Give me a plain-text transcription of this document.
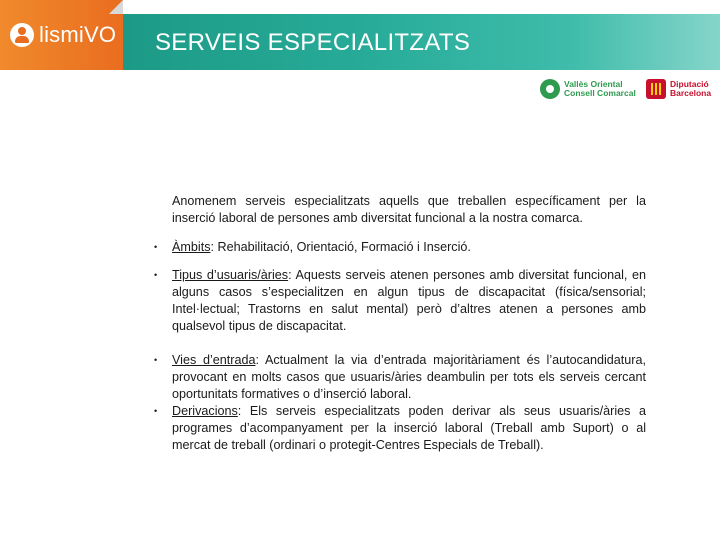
lismiVO SERVEIS ESPECIALITZATS
Vallès Oriental
Consell Comarcal
Diputació
Barcelona

Anomenem serveis especialitzats aquells que treballen específicament per la inserció laboral de persones amb diversitat funcional a la nostra comarca.

• Àmbits: Rehabilitació, Orientació, Formació i Inserció.
• Tipus d’usuaris/àries: Aquests serveis atenen persones amb diversitat funcional, en alguns casos s’especialitzen en algun tipus de discapacitat (física/sensorial; Intel·lectual; Trastorns en salut mental) però d’altres atenen a persones amb qualsevol tipus de discapacitat.
• Vies d’entrada: Actualment la via d’entrada majoritàriament és l’autocandidatura, provocant en molts casos que usuaris/àries deambulin per tots els serveis cercant oportunitats formatives o d’inserció laboral.
• Derivacions: Els serveis especialitzats poden derivar als seus usuaris/àries a programes d’acompanyament per la inserció laboral (Treball amb Suport) o al mercat de treball (ordinari o protegit-Centres Especials de Treball).
